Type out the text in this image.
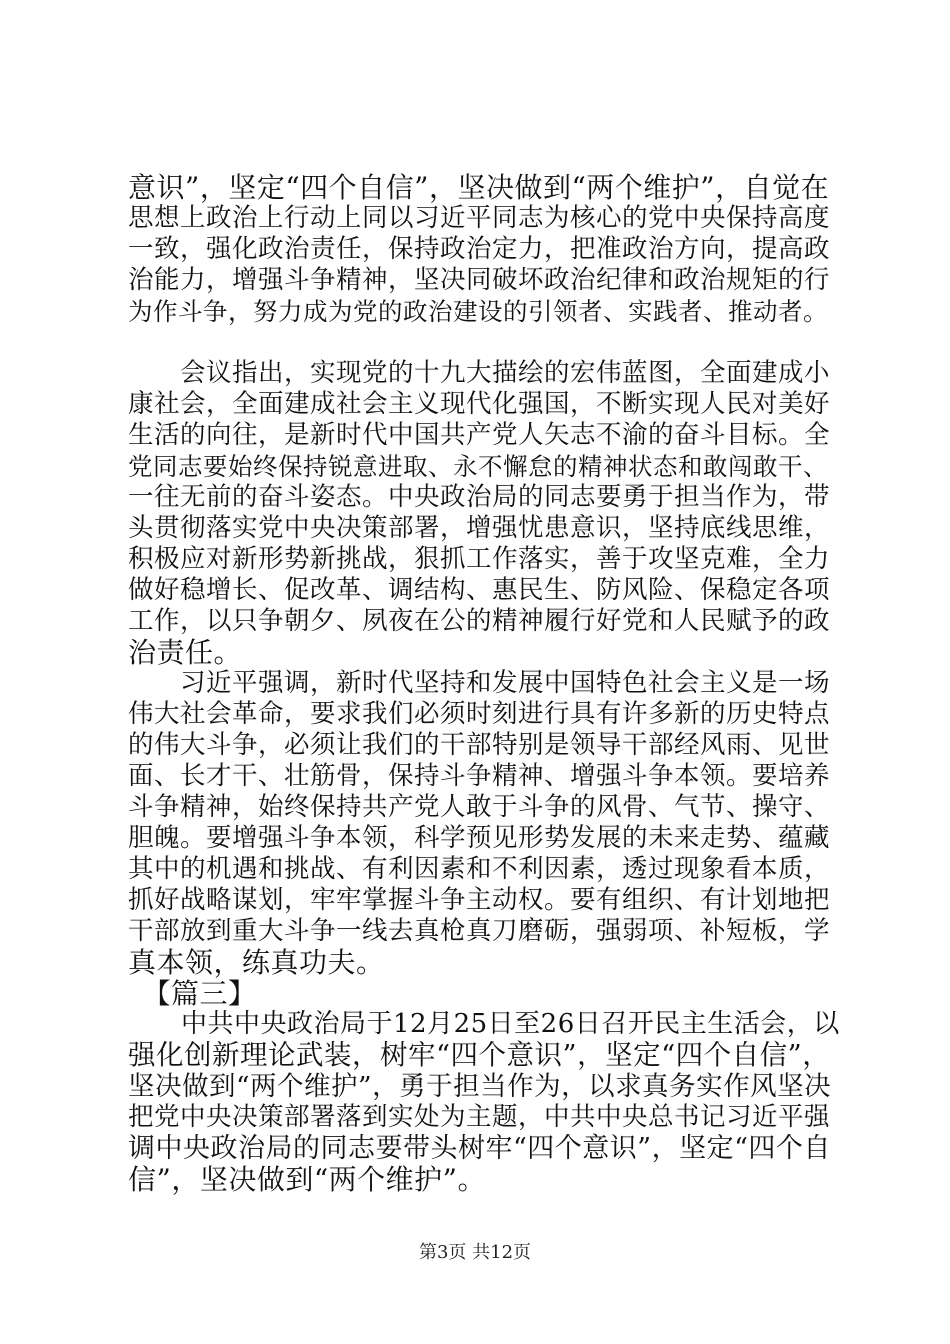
意识”，坚定“四个自信”，坚决做到“两个维护”，自觉在
思想上政治上行动上同以习近平同志为核心的党中央保持高度
一致，强化政治责任，保持政治定力，把准政治方向，提高政
治能力，增强斗争精神，坚决同破坏政治纪律和政治规矩的行
为作斗争，努力成为党的政治建设的引领者、实践者、推动者。
　　会议指出，实现党的十九大描绘的宏伟蓝图，全面建成小
康社会，全面建成社会主义现代化强国，不断实现人民对美好
生活的向往，是新时代中国共产党人矢志不渝的奋斗目标。全
党同志要始终保持锐意进取、永不懈怠的精神状态和敢闯敢干、
一往无前的奋斗姿态。中央政治局的同志要勇于担当作为，带
头贯彻落实党中央决策部署，增强忧患意识，坚持底线思维，
积极应对新形势新挑战，狠抓工作落实，善于攻坚克难，全力
做好稳增长、促改革、调结构、惠民生、防风险、保稳定各项
工作，以只争朝夕、夙夜在公的精神履行好党和人民赋予的政
治责任。
　　习近平强调，新时代坚持和发展中国特色社会主义是一场
伟大社会革命，要求我们必须时刻进行具有许多新的历史特点
的伟大斗争，必须让我们的干部特别是领导干部经风雨、见世
面、长才干、壮筋骨，保持斗争精神、增强斗争本领。要培养
斗争精神，始终保持共产党人敢于斗争的风骨、气节、操守、
胆魄。要增强斗争本领，科学预见形势发展的未来走势、蕴藏
其中的机遇和挑战、有利因素和不利因素，透过现象看本质，
抓好战略谋划，牢牢掌握斗争主动权。要有组织、有计划地把
干部放到重大斗争一线去真枪真刀磨砺，强弱项、补短板，学
真本领，练真功夫。
　【篇三】
　　中共中央政治局于12月25日至26日召开民主生活会，以
强化创新理论武装，树牢“四个意识”，坚定“四个自信”，
坚决做到“两个维护”，勇于担当作为，以求真务实作风坚决
把党中央决策部署落到实处为主题，中共中央总书记习近平强
调中央政治局的同志要带头树牢“四个意识”，坚定“四个自
信”，坚决做到“两个维护”。
第3页 共12页
